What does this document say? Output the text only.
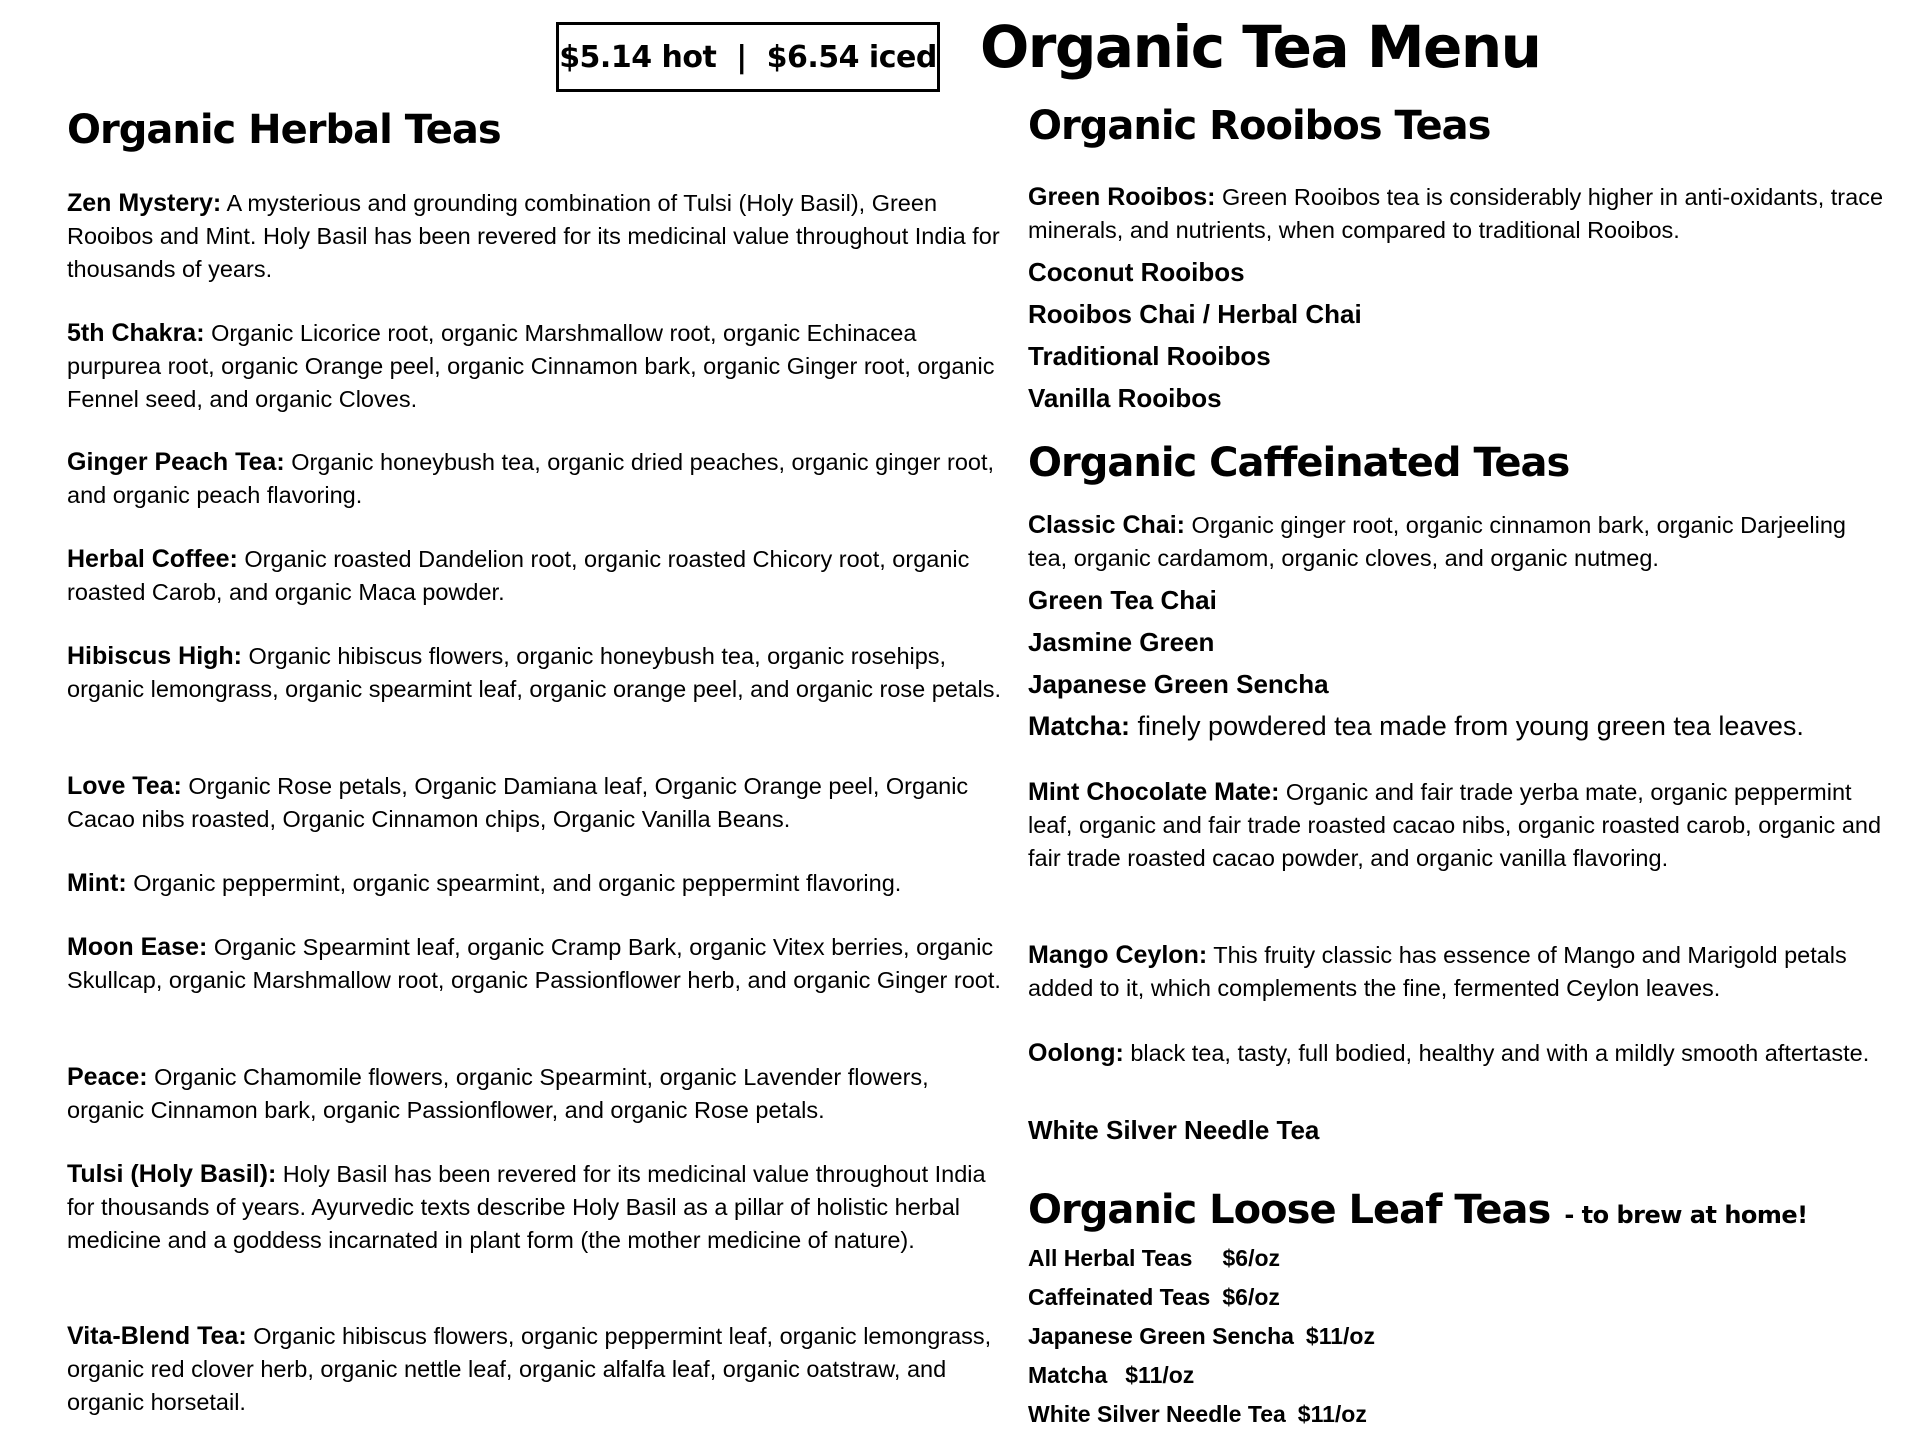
$5.14 hot  |  $6.54 iced Organic Tea Menu
Organic Herbal Teas

Zen Mystery: A mysterious and grounding combination of Tulsi (Holy Basil), Green Rooibos and Mint. Holy Basil has been revered for its medicinal value throughout India for thousands of years.

5th Chakra: Organic Licorice root, organic Marshmallow root, organic Echinacea purpurea root, organic Orange peel, organic Cinnamon bark, organic Ginger root, organic Fennel seed, and organic Cloves.

Ginger Peach Tea: Organic honeybush tea, organic dried peaches, organic ginger root, and organic peach flavoring.

Herbal Coffee: Organic roasted Dandelion root, organic roasted Chicory root, organic roasted Carob, and organic Maca powder.

Hibiscus High: Organic hibiscus flowers, organic honeybush tea, organic rosehips, organic lemongrass, organic spearmint leaf, organic orange peel, and organic rose petals.

Love Tea: Organic Rose petals, Organic Damiana leaf, Organic Orange peel, Organic Cacao nibs roasted, Organic Cinnamon chips, Organic Vanilla Beans.

Mint: Organic peppermint, organic spearmint, and organic peppermint flavoring.

Moon Ease: Organic Spearmint leaf, organic Cramp Bark, organic Vitex berries, organic Skullcap, organic Marshmallow root, organic Passionflower herb, and organic Ginger root.

Peace: Organic Chamomile flowers, organic Spearmint, organic Lavender flowers, organic Cinnamon bark, organic Passionflower, and organic Rose petals.

Tulsi (Holy Basil): Holy Basil has been revered for its medicinal value throughout India for thousands of years. Ayurvedic texts describe Holy Basil as a pillar of holistic herbal medicine and a goddess incarnated in plant form (the mother medicine of nature).

Vita-Blend Tea: Organic hibiscus flowers, organic peppermint leaf, organic lemongrass, organic red clover herb, organic nettle leaf, organic alfalfa leaf, organic oatstraw, and organic horsetail.

Organic Rooibos Teas

Green Rooibos: Green Rooibos tea is considerably higher in anti-oxidants, trace minerals, and nutrients, when compared to traditional Rooibos.

Coconut Rooibos

Rooibos Chai / Herbal Chai

Traditional Rooibos

Vanilla Rooibos

Organic Caffeinated Teas

Classic Chai: Organic ginger root, organic cinnamon bark, organic Darjeeling tea, organic cardamom, organic cloves, and organic nutmeg.

Green Tea Chai

Jasmine Green

Japanese Green Sencha

Matcha: finely powdered tea made from young green tea leaves.

Mint Chocolate Mate: Organic and fair trade yerba mate, organic peppermint leaf, organic and fair trade roasted cacao nibs, organic roasted carob, organic and fair trade roasted cacao powder, and organic vanilla flavoring.

Mango Ceylon: This fruity classic has essence of Mango and Marigold petals added to it, which complements the fine, fermented Ceylon leaves.

Oolong: black tea, tasty, full bodied, healthy and with a mildly smooth aftertaste.

White Silver Needle Tea

Organic Loose Leaf Teas - to brew at home!

All Herbal Teas $6/oz

Caffeinated Teas $6/oz

Japanese Green Sencha $11/oz

Matcha $11/oz

White Silver Needle Tea $11/oz
